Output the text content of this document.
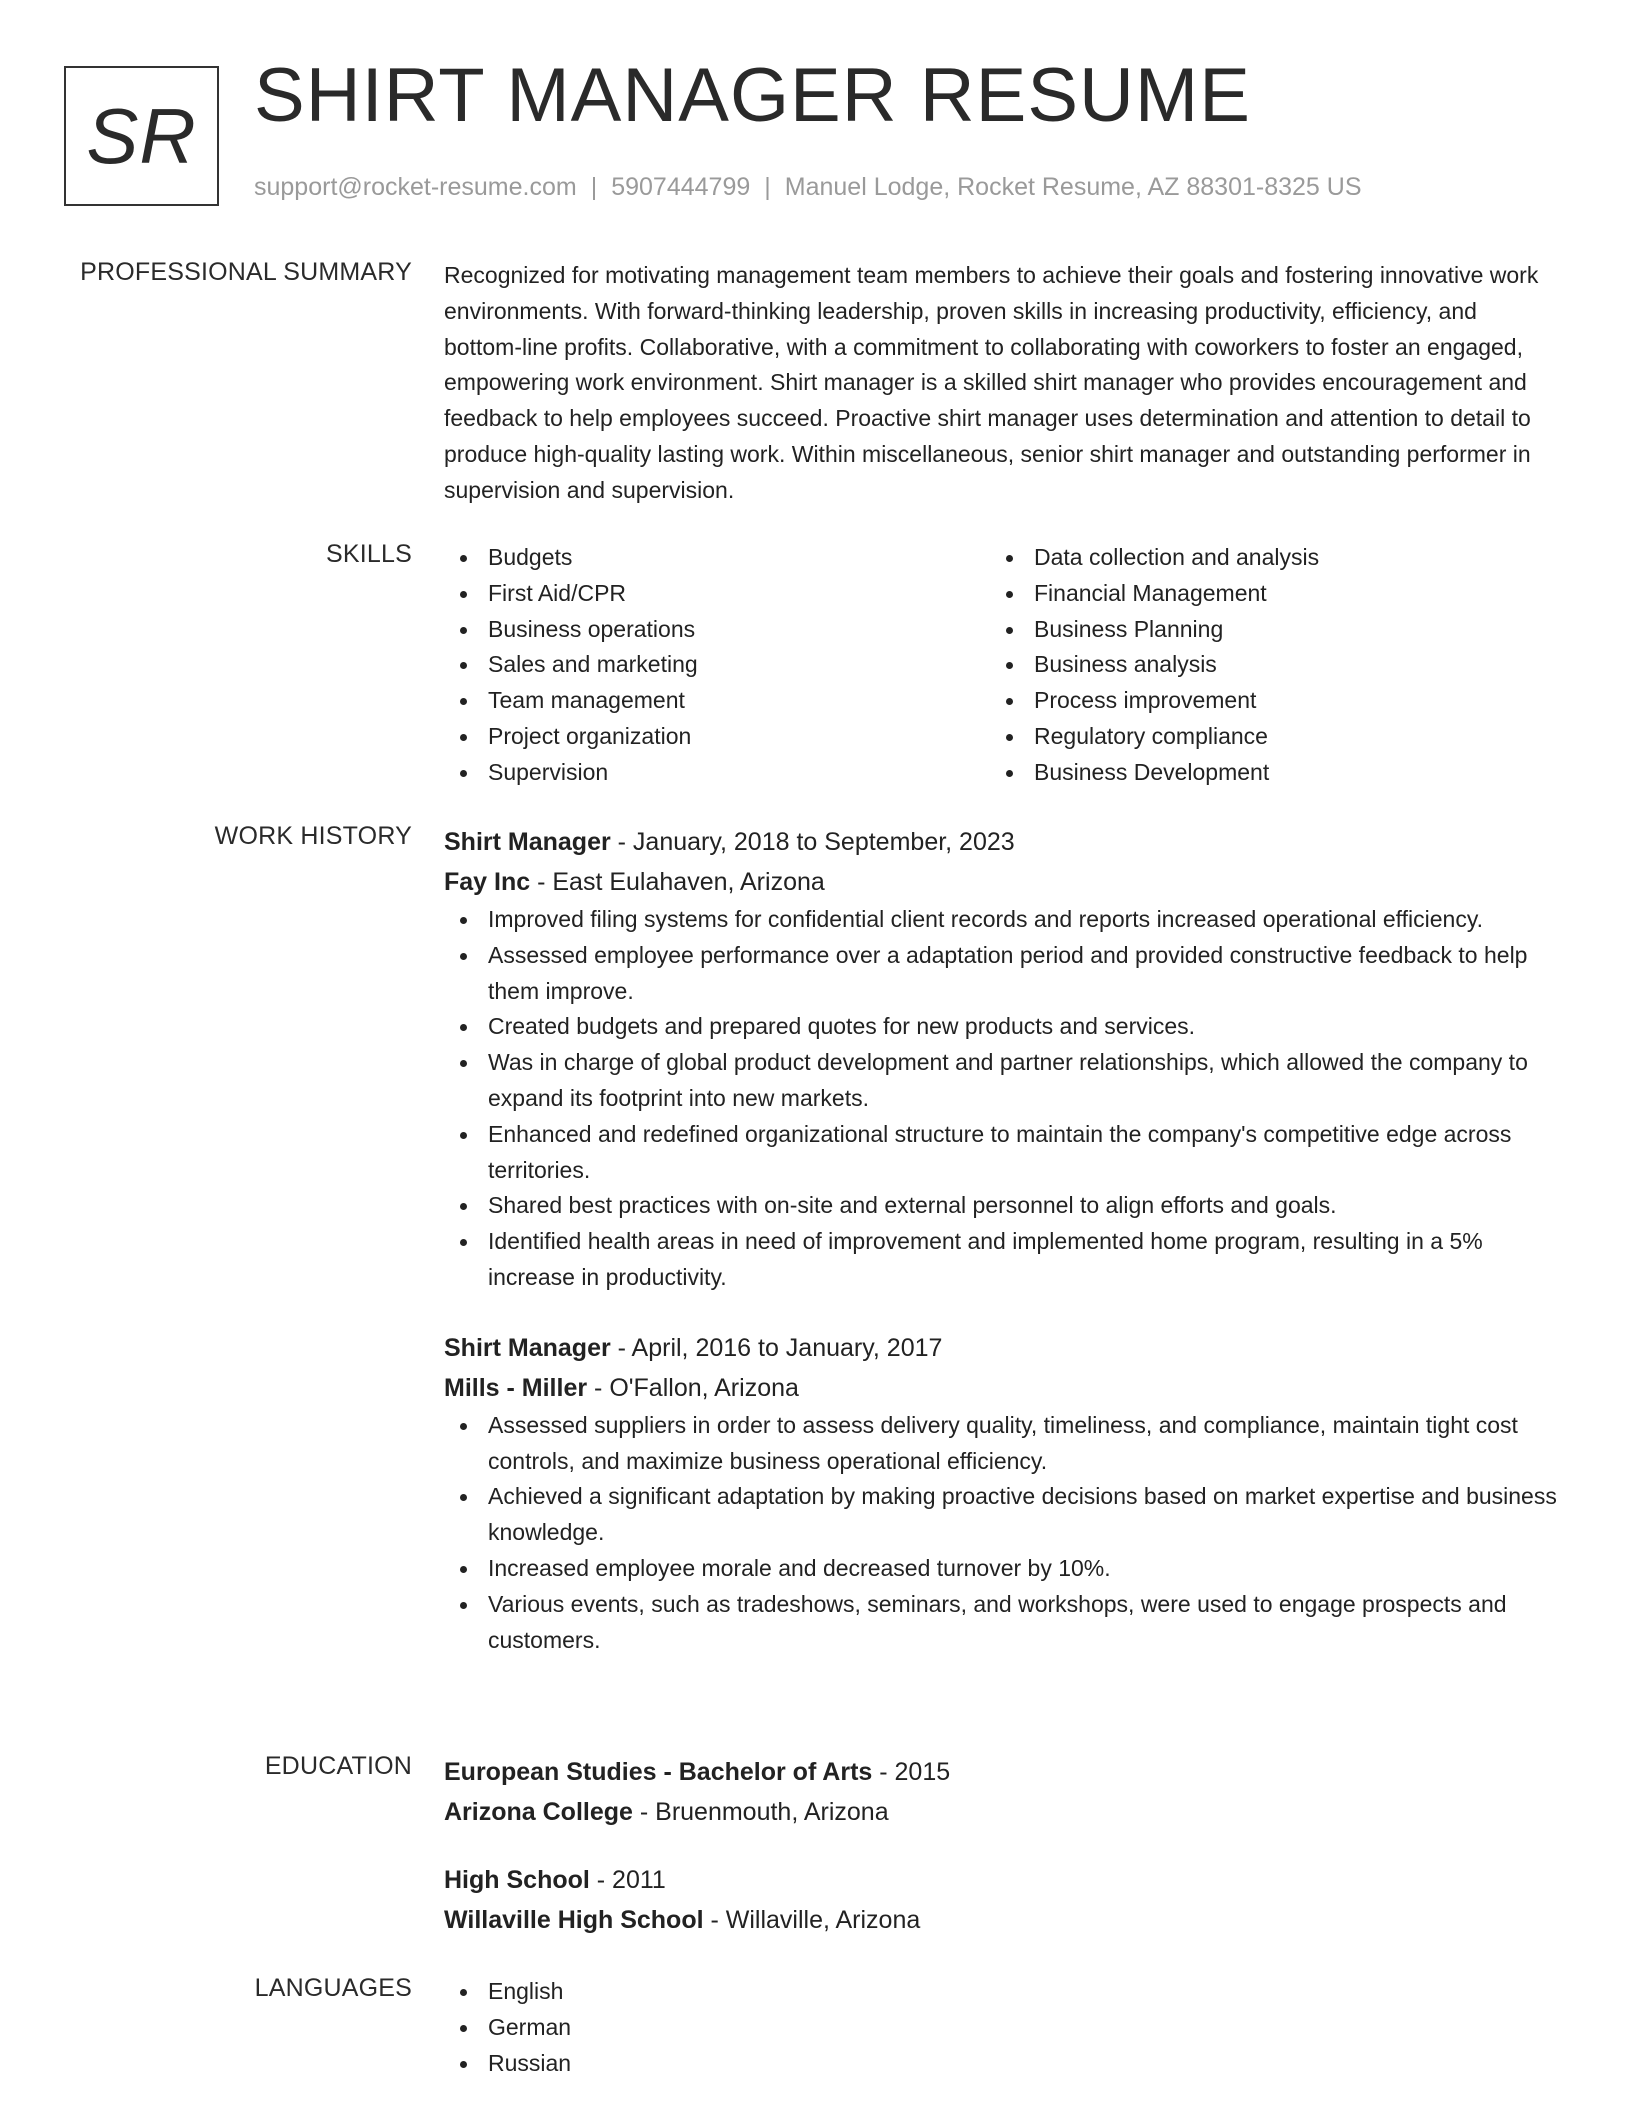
SR SHIRT MANAGER RESUME
support@rocket-resume.com | 5907444799 | Manuel Lodge, Rocket Resume, AZ 88301-8325 US
PROFESSIONAL SUMMARY Recognized for motivating management team members to achieve their goals and fostering innovative work environments. With forward-thinking leadership, proven skills in increasing productivity, efficiency, and bottom-line profits. Collaborative, with a commitment to collaborating with coworkers to foster an engaged, empowering work environment. Shirt manager is a skilled shirt manager who provides encouragement and feedback to help employees succeed. Proactive shirt manager uses determination and attention to detail to produce high-quality lasting work. Within miscellaneous, senior shirt manager and outstanding performer in supervision and supervision.

SKILLS	Budgets
First Aid/CPR
Business operations
Sales and marketing
Team management
Project organization
Supervision
Data collection and analysis
Financial Management
Business Planning
Business analysis
Process improvement
Regulatory compliance
Business Development
WORK HISTORY Shirt Manager - January, 2018 to September, 2023
Fay Inc - East Eulahaven, Arizona
Improved filing systems for confidential client records and reports increased operational efficiency.
Assessed employee performance over a adaptation period and provided constructive feedback to help them improve.
Created budgets and prepared quotes for new products and services.
Was in charge of global product development and partner relationships, which allowed the company to expand its footprint into new markets.
Enhanced and redefined organizational structure to maintain the company's competitive edge across territories.
Shared best practices with on-site and external personnel to align efforts and goals.
Identified health areas in need of improvement and implemented home program, resulting in a 5% increase in productivity.
Shirt Manager - April, 2016 to January, 2017
Mills - Miller - O'Fallon, Arizona
Assessed suppliers in order to assess delivery quality, timeliness, and compliance, maintain tight cost controls, and maximize business operational efficiency.
Achieved a significant adaptation by making proactive decisions based on market expertise and business knowledge.
Increased employee morale and decreased turnover by 10%.
Various events, such as tradeshows, seminars, and workshops, were used to engage prospects and customers.
EDUCATION European Studies - Bachelor of Arts - 2015
Arizona College - Bruenmouth, Arizona
High School - 2011
Willaville High School - Willaville, Arizona
LANGUAGES	English
German
Russian
